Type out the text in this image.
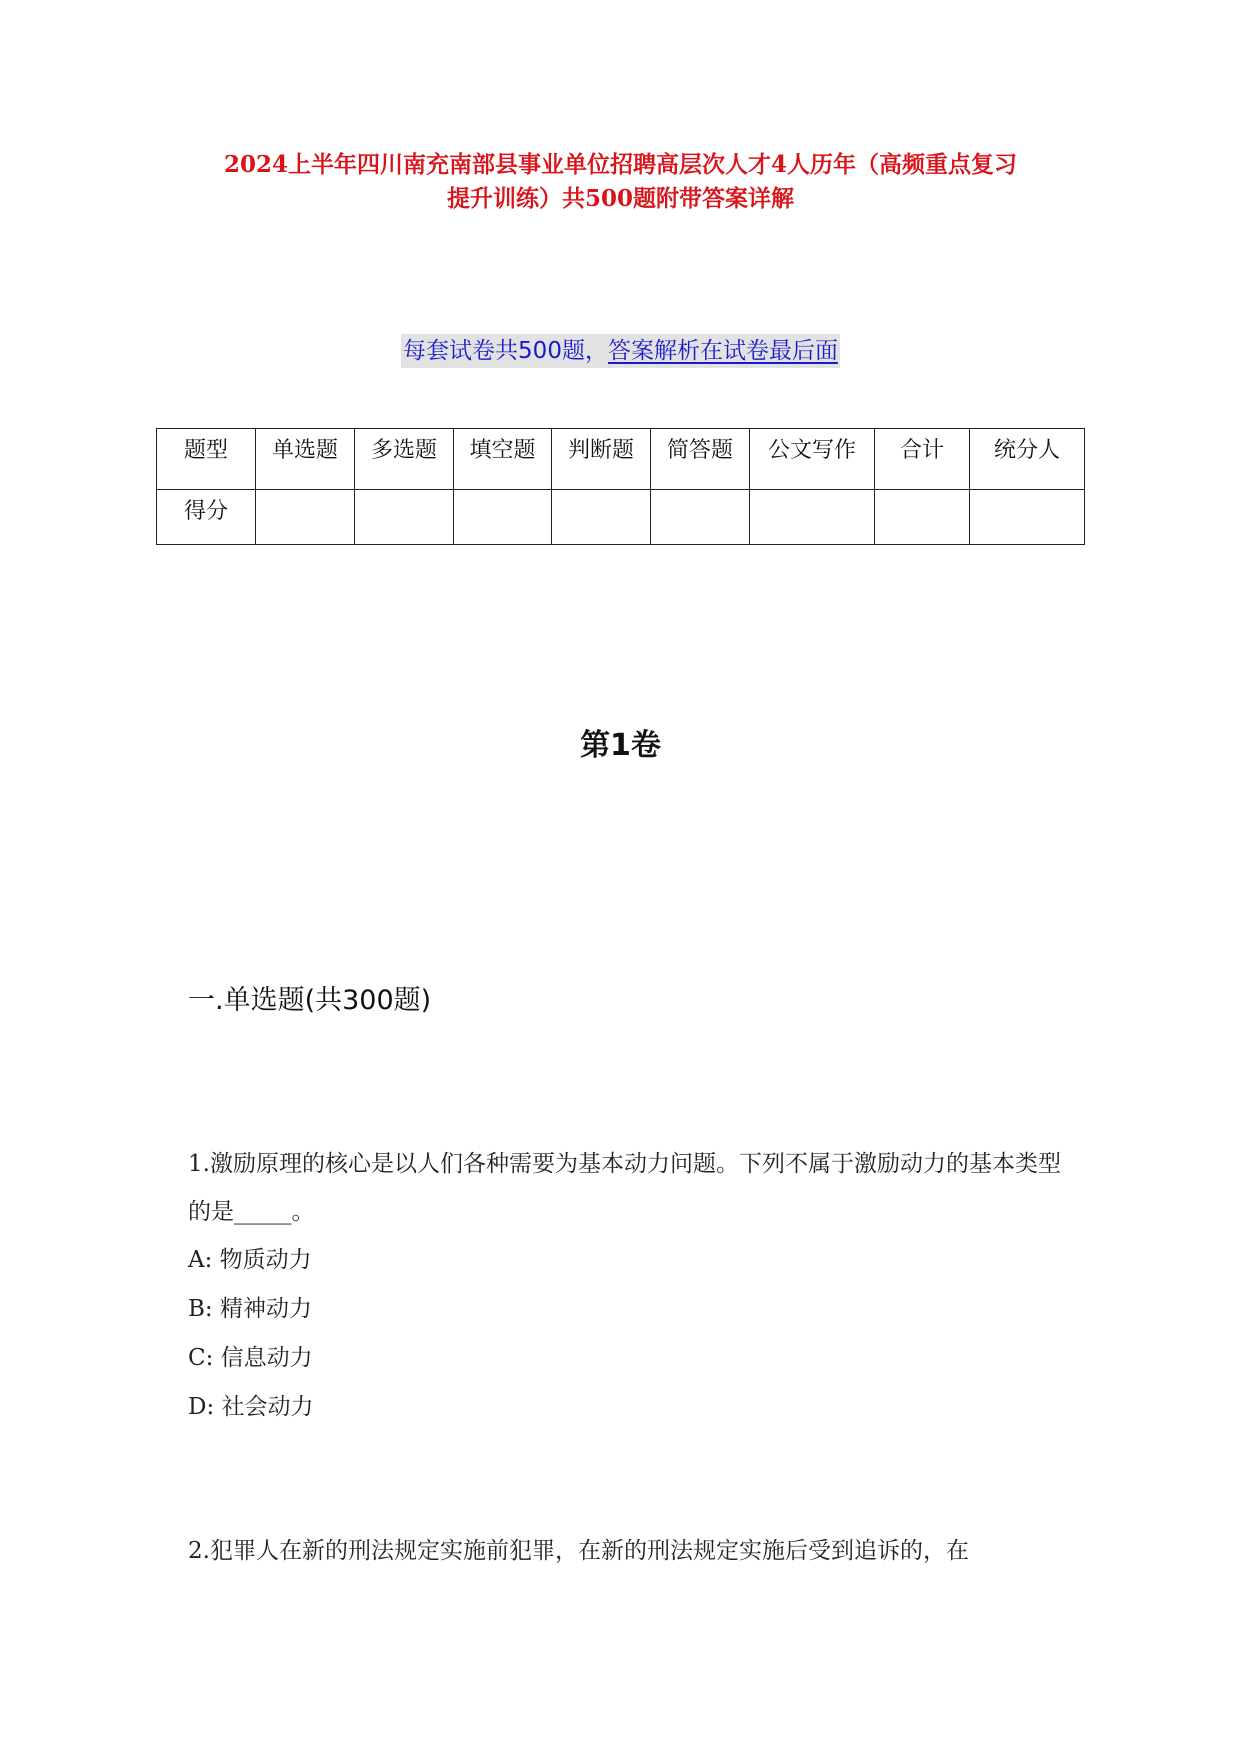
2024上半年四川南充南部县事业单位招聘高层次人才4人历年（高频重点复习
提升训练）共500题附带答案详解
每套试卷共500题，答案解析在试卷最后面
题型	单选题	多选题	填空题	判断题	简答题	公文写作	合计	统分人
得分								
第1卷
一.单选题(共300题)
1.激励原理的核心是以人们各种需要为基本动力问题。下列不属于激励动力的基本类型的是_____。
A: 物质动力
B: 精神动力
C: 信息动力
D: 社会动力
2.犯罪人在新的刑法规定实施前犯罪，在新的刑法规定实施后受到追诉的，在
